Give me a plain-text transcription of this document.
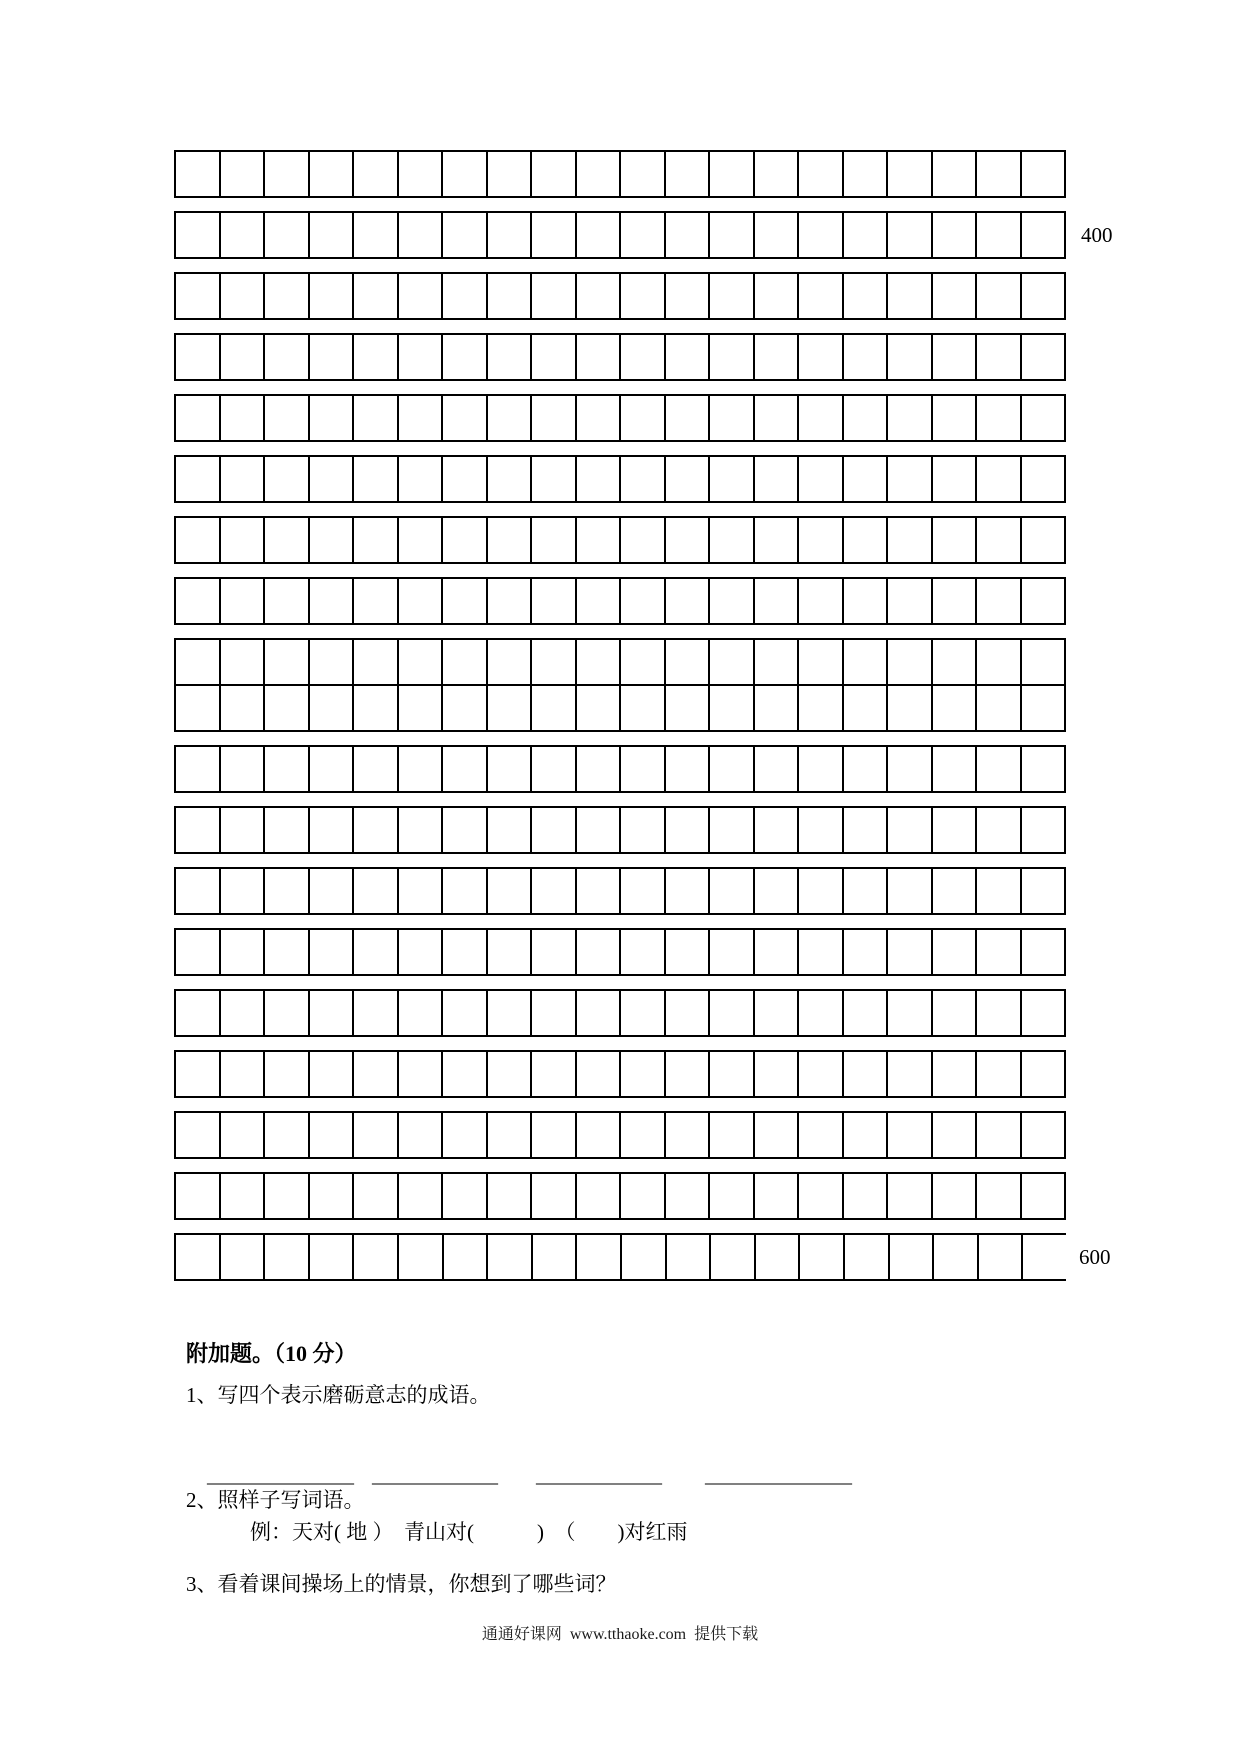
400
600
附加题。（10 分）
1、写四个表示磨砺意志的成语。

——————— —————— —————— ———————

2、照样子写词语。
例：天对( 地 ）　青山对(　　　)　（　　)对红雨
3、看着课间操场上的情景，你想到了哪些词？
通通好课网  www.tthaoke.com  提供下载
